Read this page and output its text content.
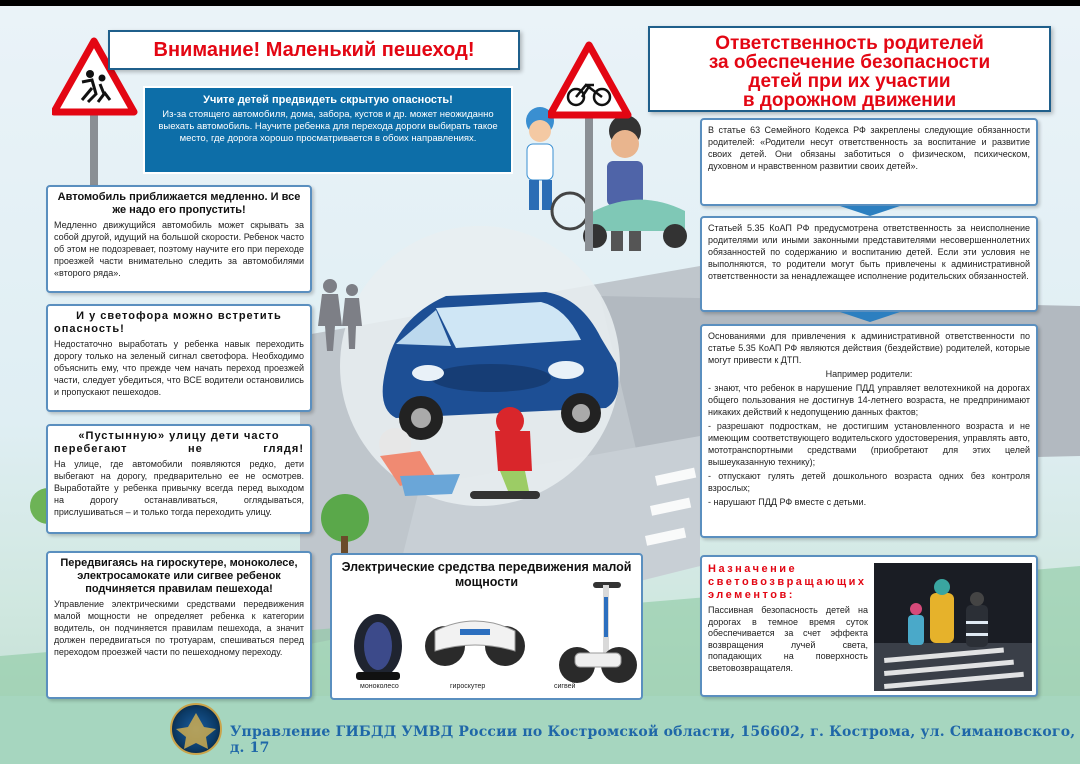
Внимание! Маленький пешеход!	Ответственность родителей
за обеспечение безопасности
детей при их участии
в дорожном движении
Учите детей предвидеть скрытую опасность!
Из-за стоящего автомобиля, дома, забора, кустов и др. может неожиданно выехать автомобиль. Научите ребенка для перехода дороги выбирать такое место, где дорога хорошо просматривается в обоих направлениях.
Автомобиль приближается медленно. И все же надо его пропустить!

Медленно движущийся автомобиль может скрывать за собой другой, идущий на большой скорости. Ребенок часто об этом не подозревает, поэтому научите его при переходе проезжей части внимательно следить за автомобилями «второго ряда».

И у светофора можно встретить опасность!

Недостаточно выработать у ребенка навык переходить дорогу только на зеленый сигнал светофора. Необходимо объяснить ему, что прежде чем начать переход проезжей части, следует убедиться, что ВСЕ водители остановились и пропускают пешеходов.

«Пустынную» улицу дети часто перебегают не глядя!

На улице, где автомобили появляются редко, дети выбегают на дорогу, предварительно ее не осмотрев. Выработайте у ребенка привычку всегда перед выходом на дорогу останавливаться, оглядываться, прислушиваться – и только тогда переходить улицу.

Передвигаясь на гироскутере, моноколесе, электросамокате или сигвее ребенок подчиняется правилам пешехода!

Управление электрическими средствами передвижения малой мощности не определяет ребенка к категории водитель, он подчиняется правилам пешехода, а значит должен передвигаться по тротуарам, спешиваться перед переходом проезжей части по пешеходному переходу.

Электрические средства передвижения малой мощности
моноколесо	гироскутер	сигвей

В статье 63 Семейного Кодекса РФ закреплены следующие обязанности родителей: «Родители несут ответственность за воспитание и развитие своих детей. Они обязаны заботиться о физическом, психическом, духовном и нравственном развитии своих детей».

Статьей 5.35 КоАП РФ предусмотрена ответственность за неисполнение родителями или иными законными представителями несовершеннолетних обязанностей по содержанию и воспитанию детей. Если эти условия не выполняются, то родители могут быть привлечены к административной ответственности за ненадлежащее исполнение родительских обязанностей.

Основаниями для привлечения к административной ответственности по статье 5.35 КоАП РФ являются действия (бездействие) родителей, которые могут привести к ДТП.

Например родители:

- знают, что ребенок в нарушение ПДД управляет велотехникой на дорогах общего пользования не достигнув 14-летнего возраста, не предпринимают никаких действий к недопущению данных фактов;

- разрешают подросткам, не достигшим установленного возраста и не имеющим соответствующего водительского удостоверения, управлять авто, мототранспортными средствами (приобретают для этих целей вышеуказанную технику);

- отпускают гулять детей дошкольного возраста одних без контроля взрослых;

- нарушают ПДД РФ вместе с детьми.

Назначение световозвращающих элементов:
Пассивная безопасность детей на дорогах в темное время суток обеспечивается за счет эффекта возвращения лучей света, попадающих на поверхность световозвращателя.
Управление ГИБДД УМВД России по Костромской области, 156602, г. Кострома, ул. Симановского, д. 17
